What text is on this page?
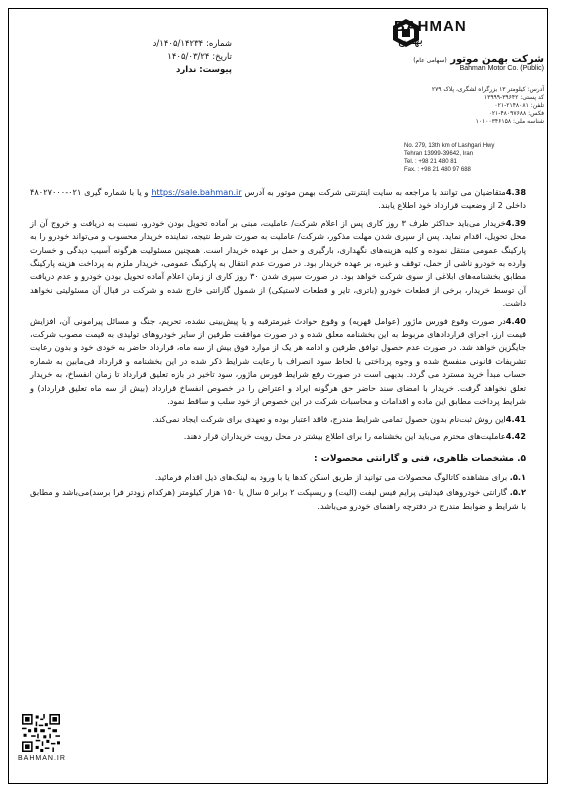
BAHMAN
بهمن
شرکت بهمن موتور (سهامی عام)
Bahman Motor Co. (Public)
آدرس: کیلومتر ۱۳ بزرگراه لشگری، پلاک ۲۷۹
کد پستی: ۳۹۶۴۲-۱۳۹۹۹
تلفن: ۲۱۴۸۰۸۱-۰۲۱
فکس: ۴۸۰۹۷۶۸۸-۰۲۱
شناسه ملی: ۱۰۱۰۰۳۴۶۱۵۸
No. 279, 13th km of Lashgari Hwy
Tehran 13999-39642, Iran
Tel. : +98 21 480 81
Fax. : +98 21 480 97 688
شماره: ۱۴۰۵/۱۴۲۳۴/د
تاریخ: ۱۴۰۵/۰۳/۲۴
پیوست: ندارد

4.38متقاضیان می توانند با مراجعه به سایت اینترنتی شرکت بهمن موتور به آدرس https://sale.bahman.ir و یا با شماره گیری ۰۲۱-۴۸۰۲۷۰۰۰ داخلی 2 از وضعیت قرارداد خود اطلاع یابند.

4.39خریدار می‌باید حداکثر ظرف ۳ روز کاری پس از اعلام شرکت/ عاملیت، مبنی بر آماده تحویل بودن خودرو، نسبت به دریافت و خروج آن از محل تحویل، اقدام نماید. پس از سپری شدن مهلت مذکور، شرکت/ عاملیت به صورت شرط نتیجه، نماینده خریدار محسوب و می‌تواند خودرو را به پارکینگ عمومی منتقل نموده و کلیه هزینه‌های نگهداری، بارگیری و حمل بر عهده خریدار است. همچنین مسئولیت هرگونه آسیب دیدگی و خسارت وارده به خودرو ناشی از حمل، توقف و غیره، بر عهده خریدار بود. در صورت عدم انتقال به پارکینگ عمومی، خریدار ملزم به پرداخت هزینه پارکینگ مطابق بخشنامه‌های ابلاغی از سوی شرکت خواهد بود. در صورت سپری شدن ۳۰ روز کاری از زمان اعلام آماده تحویل بودن خودرو و عدم دریافت آن توسط خریدار، برخی از قطعات خودرو (باتری، تایر و قطعات لاستیکی) از شمول گارانتی خارج شده و شرکت در قبال آن مسئولیتی نخواهد داشت.

4.40در صورت وقوع فورس ماژور (عوامل قهریه) و وقوع حوادث غیرمترقبه و یا پیش‌بینی نشده، تحریم، جنگ و مسائل پیرامونی آن، افزایش قیمت ارز، اجرای قراردادهای مربوط به این بخشنامه معلق شده و در صورت موافقت طرفین از سایر خودروهای تولیدی به قیمت مصوب شرکت، جایگزین خواهد شد. در صورت عدم حصول توافق طرفین و ادامه هر یک از موارد فوق بیش از سه ماه، قرارداد حاضر به خودی خود و بدون رعایت تشریفات قانونی منفسخ شده و وجوه پرداختی با لحاظ سود انصراف با رعایت شرایط ذکر شده در این بخشنامه و قرارداد فی‌مابین به شماره حساب مبدأ خرید مسترد می گردد. بدیهی است در صورت رفع شرایط فورس ماژور، سود تاخیر در بازه تعلیق قرارداد تا زمان انفساخ، به خریدار تعلق نخواهد گرفت. خریدار با امضای سند حاضر حق هرگونه ایراد و اعتراض را در خصوص انفساخ قرارداد (بیش از سه ماه تعلیق قرارداد) و شرایط پرداخت مطابق این ماده و اقدامات و محاسبات شرکت در این خصوص از خود سلب و ساقط نمود.

4.41این روش ثبت‌نام بدون حصول تمامی شرایط مندرج، فاقد اعتبار بوده و تعهدی برای شرکت ایجاد نمی‌کند.

4.42عاملیت‌های محترم می‌باید این بخشنامه را برای اطلاع بیشتر در محل رویت خریداران قرار دهند.

۵. مشخصات ظاهری، فنی و گارانتی محصولات :

۵.۱. برای مشاهده کاتالوگ محصولات می توانید از طریق اسکن کدها یا با ورود به لینک‌های ذیل اقدام فرمائید.

۵.۲. گارانتی خودروهای فیدلیتی پرایم فیس لیفت (الیت) و ریسپکت ۲ برابر ۵ سال یا ۱۵۰ هزار کیلومتر (هرکدام زودتر فرا برسد)می‌باشد و مطابق با شرایط و ضوابط مندرج در دفترچه راهنمای خودرو می‌باشد.

BAHMAN.IR
